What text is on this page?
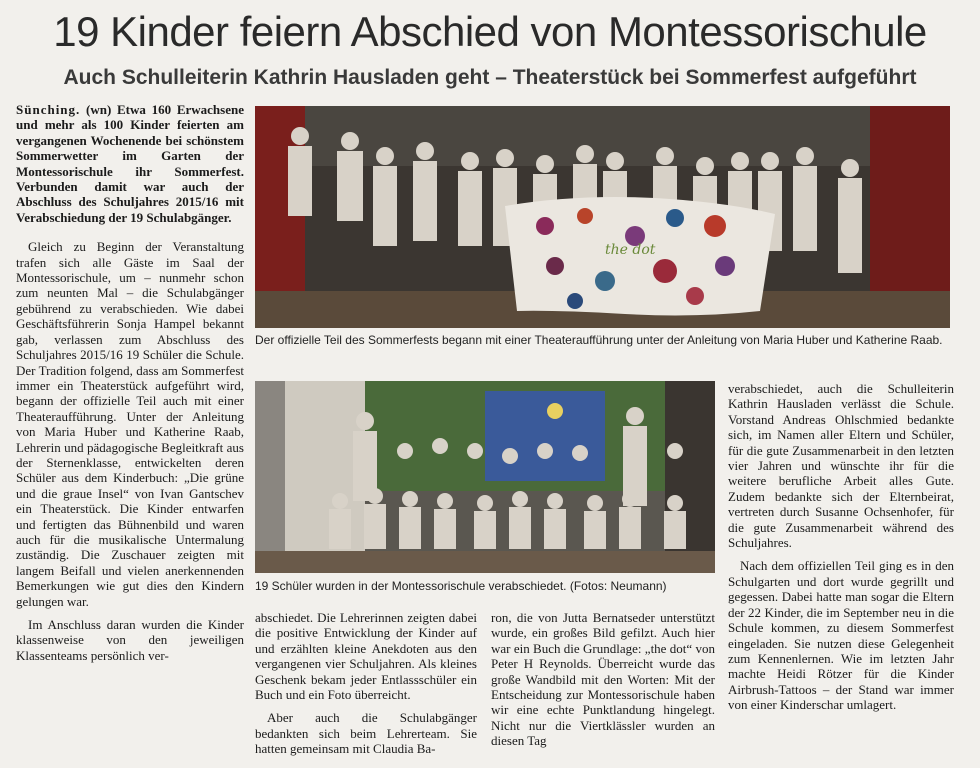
19 Kinder feiern Abschied von Montessorischule
Auch Schulleiterin Kathrin Hausladen geht – Theaterstück bei Sommerfest aufgeführt

Sünching. (wn) Etwa 160 Erwachsene und mehr als 100 Kinder feierten am vergangenen Wochenende bei schönstem Sommerwetter im Garten der Montessorischule ihr Sommerfest. Verbunden damit war auch der Abschluss des Schuljahres 2015/16 mit Verabschiedung der 19 Schulabgänger.

Gleich zu Beginn der Veranstaltung trafen sich alle Gäste im Saal der Montessorischule, um – nunmehr schon zum neunten Mal – die Schulabgänger gebührend zu verabschieden. Wie dabei Geschäftsführerin Sonja Hampel bekannt gab, verlassen zum Abschluss des Schuljahres 2015/16 19 Schüler die Schule. Der Tradition folgend, dass am Sommerfest immer ein Theaterstück aufgeführt wird, begann der offizielle Teil auch mit einer Theateraufführung. Unter der Anleitung von Maria Huber und Katherine Raab, Lehrerin und pädagogische Begleitkraft aus der Sternenklasse, entwickelten deren Schüler aus dem Kinderbuch: „Die grüne und die graue Insel“ von Ivan Gantschev ein Theaterstück. Die Kinder entwarfen und fertigten das Bühnenbild und waren auch für die musikalische Untermalung zuständig. Die Zuschauer zeigten mit langem Beifall und vielen anerkennenden Bemerkungen wie gut dies den Kindern gelungen war.

Im Anschluss daran wurden die Kinder klassenweise von den jeweiligen Klassenteams persönlich ver-

the dot
Der offizielle Teil des Sommerfests begann mit einer Theateraufführung unter der Anleitung von Maria Huber und Katherine Raab.
19 Schüler wurden in der Montessorischule verabschiedet. (Fotos: Neumann)

abschiedet. Die Lehrerinnen zeigten dabei die positive Entwicklung der Kinder auf und erzählten kleine Anekdoten aus den vergangenen vier Schuljahren. Als kleines Geschenk bekam jeder Entlassschüler ein Buch und ein Foto überreicht.

Aber auch die Schulabgänger bedankten sich beim Lehrerteam. Sie hatten gemeinsam mit Claudia Ba-

ron, die von Jutta Bernatseder unterstützt wurde, ein großes Bild gefilzt. Auch hier war ein Buch die Grundlage: „the dot“ von Peter H Reynolds. Überreicht wurde das große Wandbild mit den Worten: Mit der Entscheidung zur Montessorischule haben wir eine echte Punktlandung hingelegt. Nicht nur die Viertklässler wurden an diesen Tag

verabschiedet, auch die Schulleiterin Kathrin Hausladen verlässt die Schule. Vorstand Andreas Ohlschmied bedankte sich, im Namen aller Eltern und Schüler, für die gute Zusammenarbeit in den letzten vier Jahren und wünschte ihr für die weitere berufliche Arbeit alles Gute. Zudem bedankte sich der Elternbeirat, vertreten durch Susanne Ochsenhofer, für die gute Zusammenarbeit während des Schuljahres.

Nach dem offiziellen Teil ging es in den Schulgarten und dort wurde gegrillt und gegessen. Dabei hatte man sogar die Eltern der 22 Kinder, die im September neu in die Schule kommen, zu diesem Sommerfest eingeladen. Sie nutzen diese Gelegenheit zum Kennenlernen. Wie im letzten Jahr machte Heidi Rötzer für die Kinder Airbrush-Tattoos – der Stand war immer von einer Kinderschar umlagert.
